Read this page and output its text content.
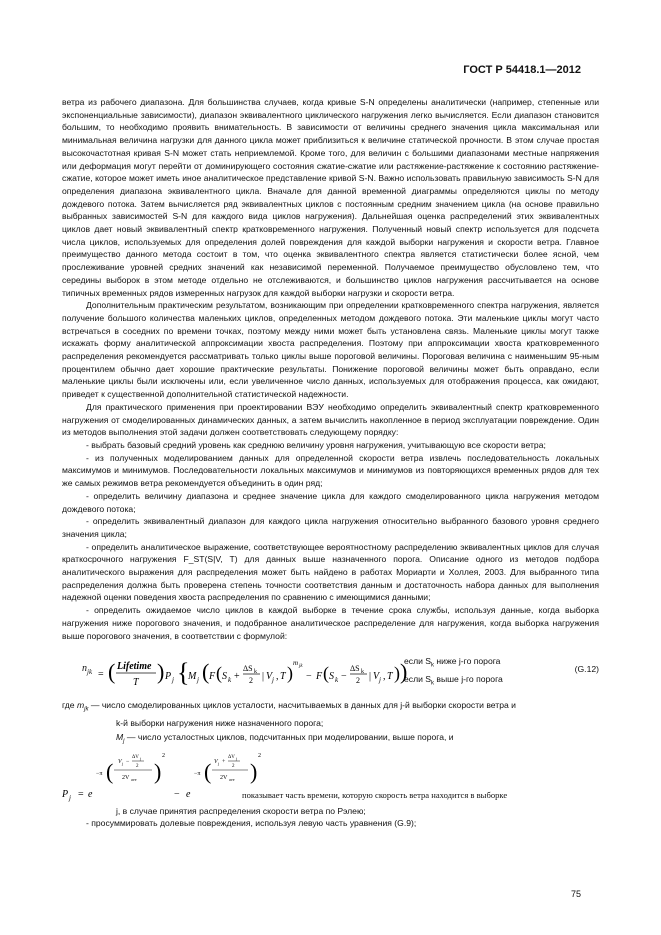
ГОСТ Р 54418.1—2012

ветра из рабочего диапазона. Для большинства случаев, когда кривые S-N определены аналитически (например, степенные или экспоненциальные зависимости), диапазон эквивалентного циклического нагружения легко вычисляется. Если диапазон становится большим, то необходимо проявить внимательность. В зависимости от величины среднего значения цикла максимальная или минимальная величина нагрузки для данного цикла может приблизиться к величине статической прочности. В этом случае простая высокочастотная кривая S-N может стать неприемлемой. Кроме того, для величин с большими диапазонами местные напряжения или деформация могут перейти от доминирующего состояния сжатие-сжатие или растяжение-растяжение к состоянию растяжение-сжатие, которое может иметь иное аналитическое представление кривой S-N. Важно использовать правильную зависимость S-N для определения диапазона эквивалентного цикла. Вначале для данной временной диаграммы определяются циклы по методу дождевого потока. Затем вычисляется ряд эквивалентных циклов с постоянным средним значением цикла (на основе правильно выбранных зависимостей S-N для каждого вида циклов нагружения). Дальнейшая оценка распределений этих эквивалентных циклов дает новый эквивалентный спектр кратковременного нагружения. Полученный новый спектр используется для подсчета числа циклов, используемых для определения долей повреждения для каждой выборки нагружения и скорости ветра. Главное преимущество данного метода состоит в том, что оценка эквивалентного спектра является статистически более ясной, чем прослеживание уровней средних значений как независимой переменной. Получаемое преимущество обусловлено тем, что середины выборок в этом методе отдельно не отслеживаются, и большинство циклов нагружения рассчитывается на основе типичных временных рядов измеренных нагрузок для каждой выборки нагрузки и скорости ветра.

Дополнительным практическим результатом, возникающим при определении кратковременного спектра нагружения, является получение большого количества маленьких циклов, определенных методом дождевого потока. Эти маленькие циклы могут часто встречаться в соседних по времени точках, поэтому между ними может быть установлена связь. Маленькие циклы могут также искажать форму аналитической аппроксимации хвоста распределения. Поэтому при аппроксимации хвоста кратковременного распределения рекомендуется рассматривать только циклы выше пороговой величины. Пороговая величина с наименьшим 95-ным процентилем обычно дает хорошие практические результаты. Понижение пороговой величины может быть оправдано, если маленькие циклы были исключены или, если увеличенное число данных, используемых для отображения процесса, как ожидают, приведет к существенной дополнительной статистической надежности.

Для практического применения при проектировании ВЭУ необходимо определить эквивалентный спектр кратковременного нагружения от смоделированных динамических данных, а затем вычислить накопленное в период эксплуатации повреждение. Один из методов выполнения этой задачи должен соответствовать следующему порядку:

- выбрать базовый средний уровень как среднюю величину уровня нагружения, учитывающую все скорости ветра;

- из полученных моделированием данных для определенной скорости ветра извлечь последовательность локальных максимумов и минимумов. Последовательности локальных максимумов и минимумов из повторяющихся временных рядов для тех же самых режимов ветра рекомендуется объединить в один ряд;

- определить величину диапазона и среднее значение цикла для каждого смоделированного цикла нагружения методом дождевого потока;

- определить эквивалентный диапазон для каждого цикла нагружения относительно выбранного базового уровня среднего значения цикла;

- определить аналитическое выражение, соответствующее вероятностному распределению эквивалентных циклов для случая краткосрочного нагружения F_ST(S|V, T) для данных выше назначенного порога. Описание одного из методов подбора аналитического выражения для распределения может быть найдено в работах Мориарти и Холлея, 2003. Для выбранного типа распределения должна быть проверена степень точности соответствия данным и достаточность набора данных для выполнения надежной оценки поведения хвоста распределения по сравнению с имеющимися данными;

- определить ожидаемое число циклов в каждой выборке в течение срока службы, используя данные, когда выборка нагружения ниже порогового значения, и подобранное аналитическое распределение для нагружения, когда выборка нагружения выше порогового значения, в соответствии с формулой:

$n_{jk}$ = ( Lifetime
T ) P j {
M j ( F ( S k +
ΔS k
2 | V j , T ) m jk
− F ( S k −
ΔS k
2 | V j , T ) )
если $S_k$ ниже j-го порога
если $S_k$ выше j-го порога
(G.12)

где $m_{jk}$ — число смоделированных циклов усталости, насчитываемых в данных для j-й выборки скорости ветра и

k-й выборки нагружения ниже назначенного порога;

$M_j$ — число усталостных циклов, подсчитанных при моделировании, выше порога, и

P j = e
−π ( V j −
ΔV j
2
2V ave )
2
− e
−π ( V j +
ΔV j
2
2V ave )
2
показывает часть времени, которую скорость ветра находится в выборке

j, в случае принятия распределения скорости ветра по Рэлею;

- просуммировать долевые повреждения, используя левую часть уравнения (G.9);

75
